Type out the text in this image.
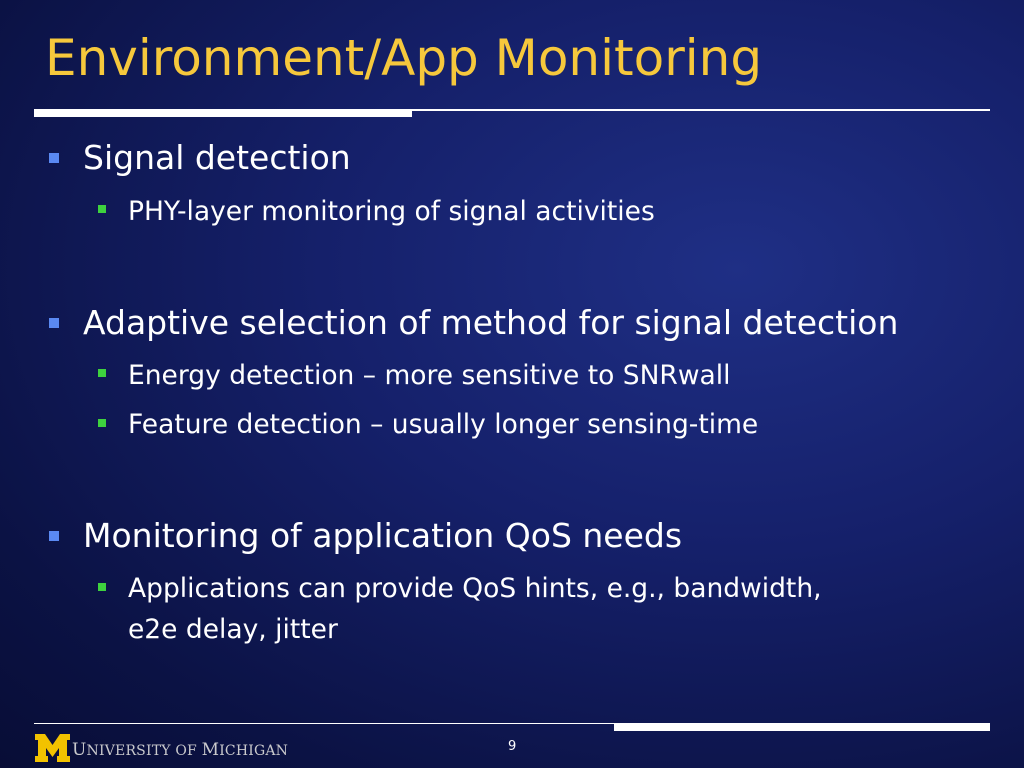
Environment/App Monitoring
Signal detection
PHY-layer monitoring of signal activities
Adaptive selection of method for signal detection
Energy detection – more sensitive to SNRwall
Feature detection – usually longer sensing-time
Monitoring of application QoS needs
Applications can provide QoS hints, e.g., bandwidth,
e2e delay, jitter
UNIVERSITY OF MICHIGAN	9
